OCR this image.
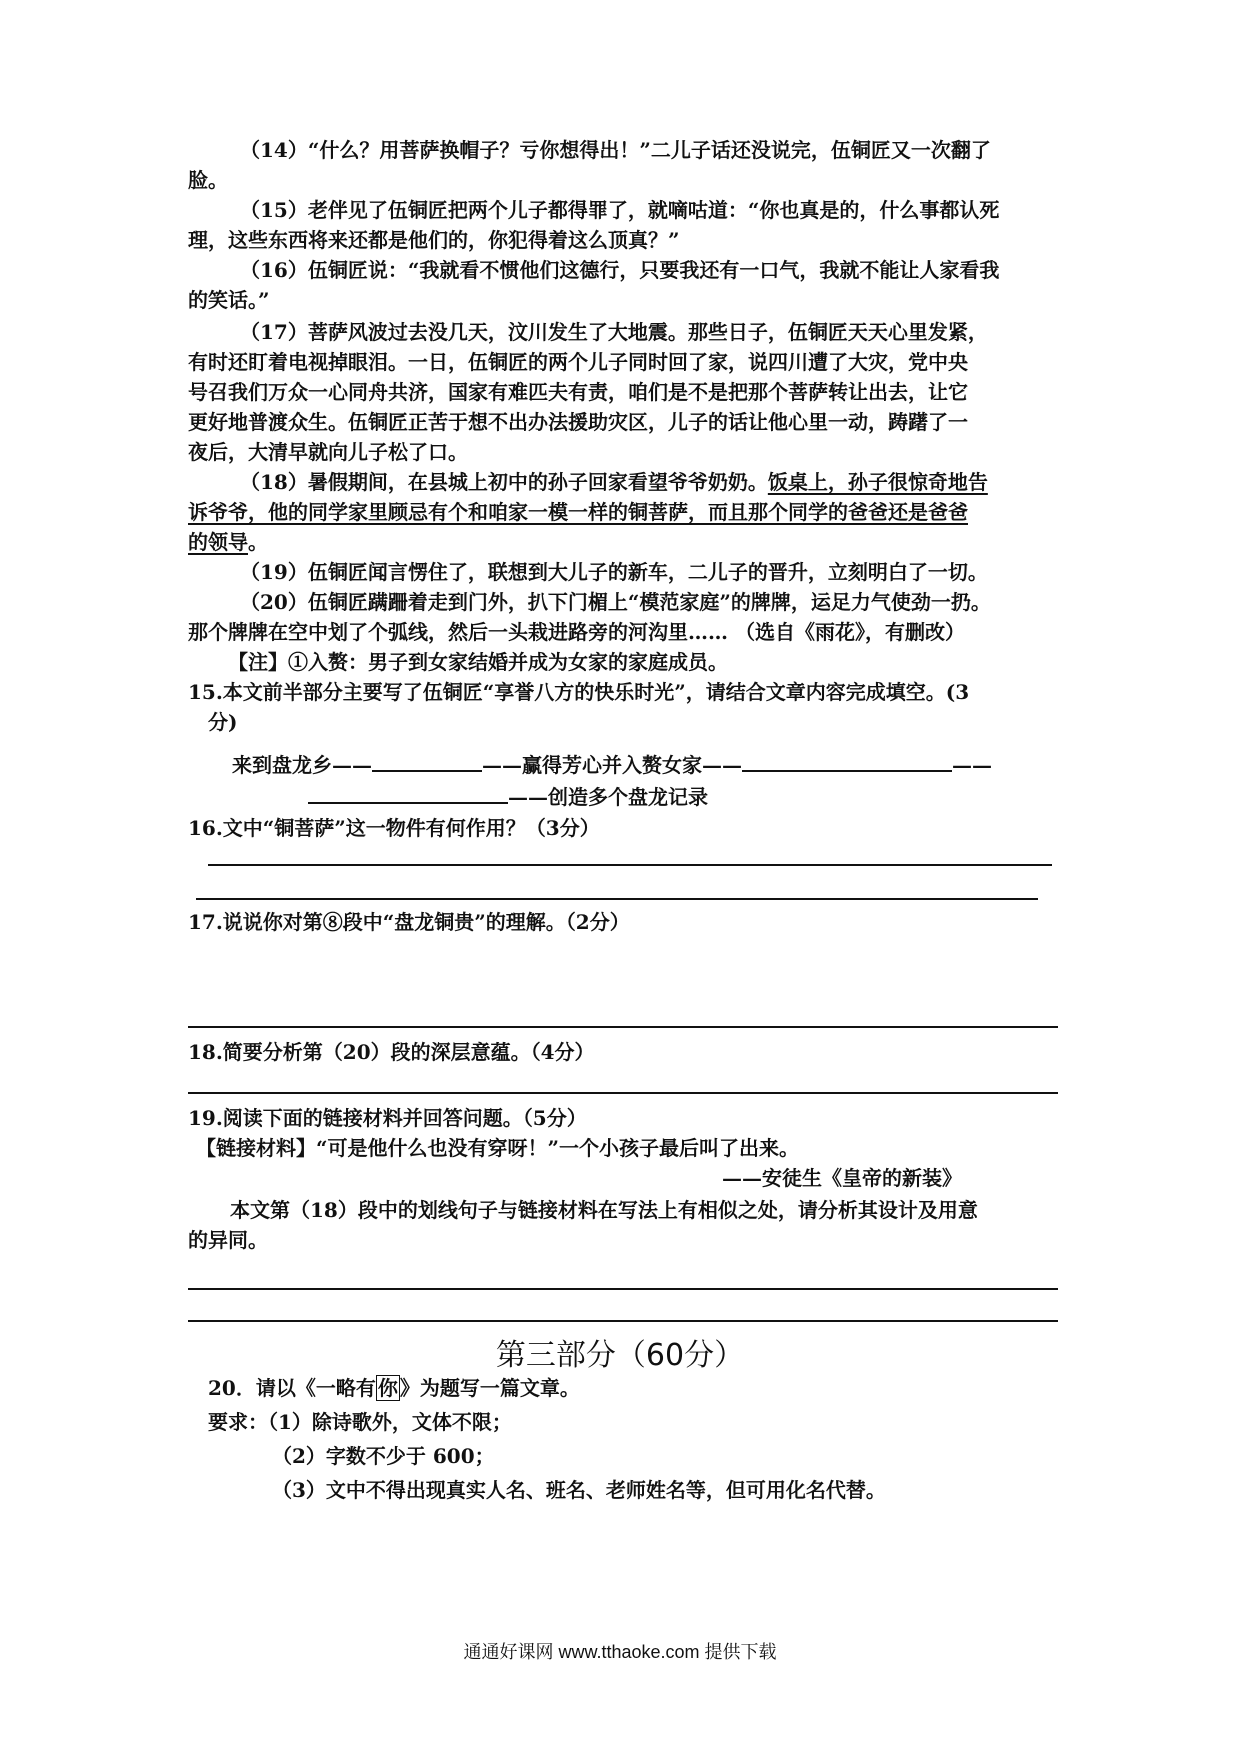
（14）“什么？用菩萨换帽子？亏你想得出！”二儿子话还没说完，伍铜匠又一次翻了
脸。
（15）老伴见了伍铜匠把两个儿子都得罪了，就嘀咕道：“你也真是的，什么事都认死
理，这些东西将来还都是他们的，你犯得着这么顶真？”
（16）伍铜匠说：“我就看不惯他们这德行，只要我还有一口气，我就不能让人家看我
的笑话。”
（17）菩萨风波过去没几天，汶川发生了大地震。那些日子，伍铜匠天天心里发紧，
有时还盯着电视掉眼泪。一日，伍铜匠的两个儿子同时回了家，说四川遭了大灾，党中央
号召我们万众一心同舟共济，国家有难匹夫有责，咱们是不是把那个菩萨转让出去，让它
更好地普渡众生。伍铜匠正苦于想不出办法援助灾区，儿子的话让他心里一动，踌躇了一
夜后，大清早就向儿子松了口。
（18）暑假期间，在县城上初中的孙子回家看望爷爷奶奶。饭桌上，孙子很惊奇地告
诉爷爷，他的同学家里顾忌有个和咱家一模一样的铜菩萨，而且那个同学的爸爸还是爸爸
的领导。
（19）伍铜匠闻言愣住了，联想到大儿子的新车，二儿子的晋升，立刻明白了一切。
（20）伍铜匠蹒跚着走到门外，扒下门楣上“模范家庭”的牌牌，运足力气使劲一扔。
那个牌牌在空中划了个弧线，然后一头栽进路旁的河沟里…… （选自《雨花》，有删改）
【注】①入赘：男子到女家结婚并成为女家的家庭成员。
15.本文前半部分主要写了伍铜匠“享誉八方的快乐时光”，请结合文章内容完成填空。(3
分)
来到盘龙乡——	——赢得芳心并入赘女家——	——
——创造多个盘龙记录
16.文中“铜菩萨”这一物件有何作用？（3分）
17.说说你对第⑧段中“盘龙铜贵”的理解。（2分）
18.简要分析第（20）段的深层意蕴。（4分）
19.阅读下面的链接材料并回答问题。（5分）
【链接材料】“可是他什么也没有穿呀！”一个小孩子最后叫了出来。
——安徒生《皇帝的新装》
本文第（18）段中的划线句子与链接材料在写法上有相似之处，请分析其设计及用意
的异同。
第三部分（60分）
20．请以《一略有 你 》为题写一篇文章。
要求：（1）除诗歌外，文体不限；
（2）字数不少于 600；
（3）文中不得出现真实人名、班名、老师姓名等，但可用化名代替。
通通好课网 www.tthaoke.com 提供下载
